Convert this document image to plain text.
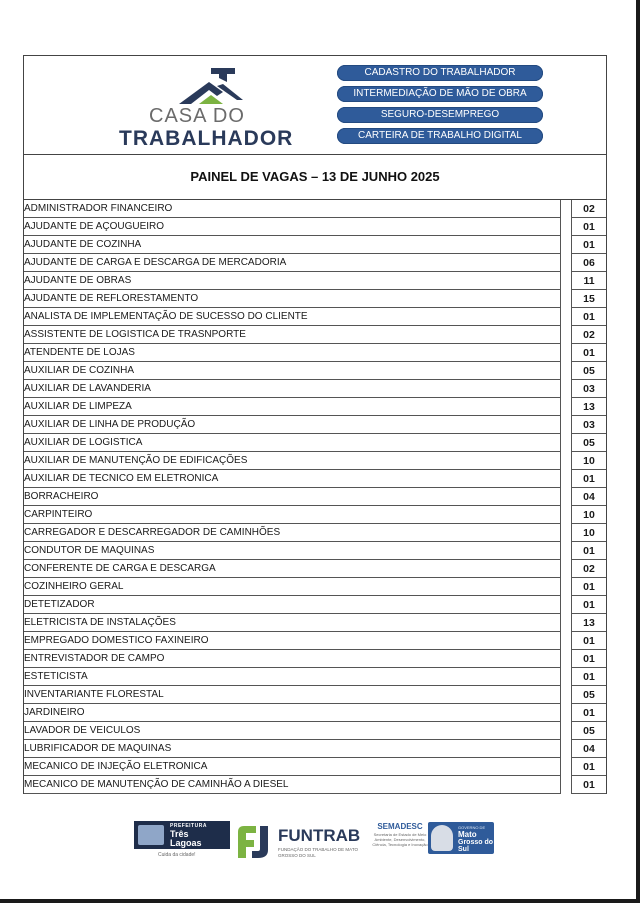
CASA DO
TRABALHADOR
CADASTRO DO TRABALHADOR
INTERMEDIAÇÃO DE MÃO DE OBRA
SEGURO-DESEMPREGO
CARTEIRA DE TRABALHO DIGITAL
PAINEL DE VAGAS – 13 DE JUNHO 2025
ADMINISTRADOR FINANCEIRO		02
AJUDANTE DE AÇOUGUEIRO		01
AJUDANTE DE COZINHA		01
AJUDANTE DE CARGA E DESCARGA DE MERCADORIA		06
AJUDANTE DE OBRAS		11
AJUDANTE DE REFLORESTAMENTO		15
ANALISTA DE IMPLEMENTAÇÃO DE SUCESSO DO CLIENTE		01
ASSISTENTE DE LOGISTICA DE TRASNPORTE		02
ATENDENTE DE LOJAS		01
AUXILIAR DE COZINHA		05
AUXILIAR DE LAVANDERIA		03
AUXILIAR DE LIMPEZA		13
AUXILIAR DE LINHA DE PRODUÇÃO		03
AUXILIAR DE LOGISTICA		05
AUXILIAR DE MANUTENÇÃO DE EDIFICAÇÕES		10
AUXILIAR DE TECNICO EM ELETRONICA		01
BORRACHEIRO		04
CARPINTEIRO		10
CARREGADOR E DESCARREGADOR DE CAMINHÕES		10
CONDUTOR DE MAQUINAS		01
CONFERENTE DE CARGA E DESCARGA		02
COZINHEIRO GERAL		01
DETETIZADOR		01
ELETRICISTA DE INSTALAÇÕES		13
EMPREGADO DOMESTICO FAXINEIRO		01
ENTREVISTADOR DE CAMPO		01
ESTETICISTA		01
INVENTARIANTE FLORESTAL		05
JARDINEIRO		01
LAVADOR DE VEICULOS		05
LUBRIFICADOR DE MAQUINAS		04
MECANICO DE INJEÇÃO ELETRONICA		01
MECANICO DE MANUTENÇÃO DE CAMINHÃO A DIESEL		01
PREFEITURA
Três
Lagoas
Cuida da cidade!
FUNTRAB
FUNDAÇÃO DO TRABALHO DE MATO GROSSO DO SUL
SEMADESC
Secretaria de Estado de Meio Ambiente, Desenvolvimento, Ciência, Tecnologia e Inovação
GOVERNO DE
Mato
Grosso do Sul
